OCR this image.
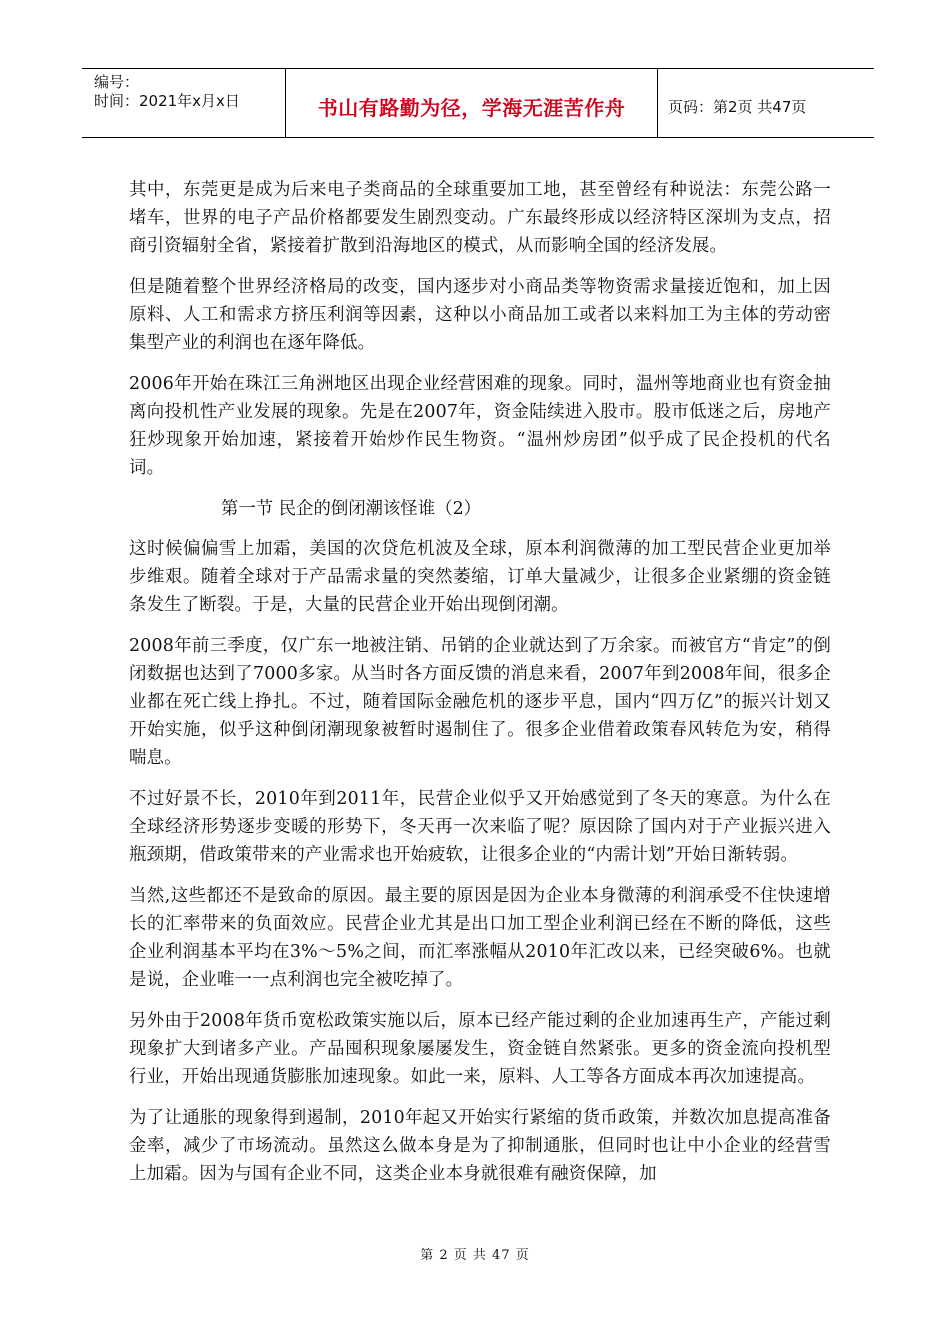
编号：
时间：2021年x月x日	书山有路勤为径，学海无涯苦作舟	页码：第2页 共47页

其中，东莞更是成为后来电子类商品的全球重要加工地，甚至曾经有种说法：东莞公路一堵车，世界的电子产品价格都要发生剧烈变动。广东最终形成以经济特区深圳为支点，招商引资辐射全省，紧接着扩散到沿海地区的模式，从而影响全国的经济发展。

但是随着整个世界经济格局的改变，国内逐步对小商品类等物资需求量接近饱和，加上因原料、人工和需求方挤压利润等因素，这种以小商品加工或者以来料加工为主体的劳动密集型产业的利润也在逐年降低。

2006年开始在珠江三角洲地区出现企业经营困难的现象。同时，温州等地商业也有资金抽离向投机性产业发展的现象。先是在2007年，资金陆续进入股市。股市低迷之后，房地产狂炒现象开始加速，紧接着开始炒作民生物资。“温州炒房团”似乎成了民企投机的代名词。

第一节 民企的倒闭潮该怪谁（2）

这时候偏偏雪上加霜，美国的次贷危机波及全球，原本利润微薄的加工型民营企业更加举步维艰。随着全球对于产品需求量的突然萎缩，订单大量减少，让很多企业紧绷的资金链条发生了断裂。于是，大量的民营企业开始出现倒闭潮。

2008年前三季度，仅广东一地被注销、吊销的企业就达到了万余家。而被官方“肯定”的倒闭数据也达到了7000多家。从当时各方面反馈的消息来看，2007年到2008年间，很多企业都在死亡线上挣扎。不过，随着国际金融危机的逐步平息，国内“四万亿”的振兴计划又开始实施，似乎这种倒闭潮现象被暂时遏制住了。很多企业借着政策春风转危为安，稍得喘息。

不过好景不长，2010年到2011年，民营企业似乎又开始感觉到了冬天的寒意。为什么在全球经济形势逐步变暖的形势下，冬天再一次来临了呢？原因除了国内对于产业振兴进入瓶颈期，借政策带来的产业需求也开始疲软，让很多企业的“内需计划”开始日渐转弱。

当然,这些都还不是致命的原因。最主要的原因是因为企业本身微薄的利润承受不住快速增长的汇率带来的负面效应。民营企业尤其是出口加工型企业利润已经在不断的降低，这些企业利润基本平均在3%～5%之间，而汇率涨幅从2010年汇改以来，已经突破6%。也就是说，企业唯一一点利润也完全被吃掉了。

另外由于2008年货币宽松政策实施以后，原本已经产能过剩的企业加速再生产，产能过剩现象扩大到诸多产业。产品囤积现象屡屡发生，资金链自然紧张。更多的资金流向投机型行业，开始出现通货膨胀加速现象。如此一来，原料、人工等各方面成本再次加速提高。

为了让通胀的现象得到遏制，2010年起又开始实行紧缩的货币政策，并数次加息提高准备金率，减少了市场流动。虽然这么做本身是为了抑制通胀，但同时也让中小企业的经营雪上加霜。因为与国有企业不同，这类企业本身就很难有融资保障，加

第 2 页 共 47 页
